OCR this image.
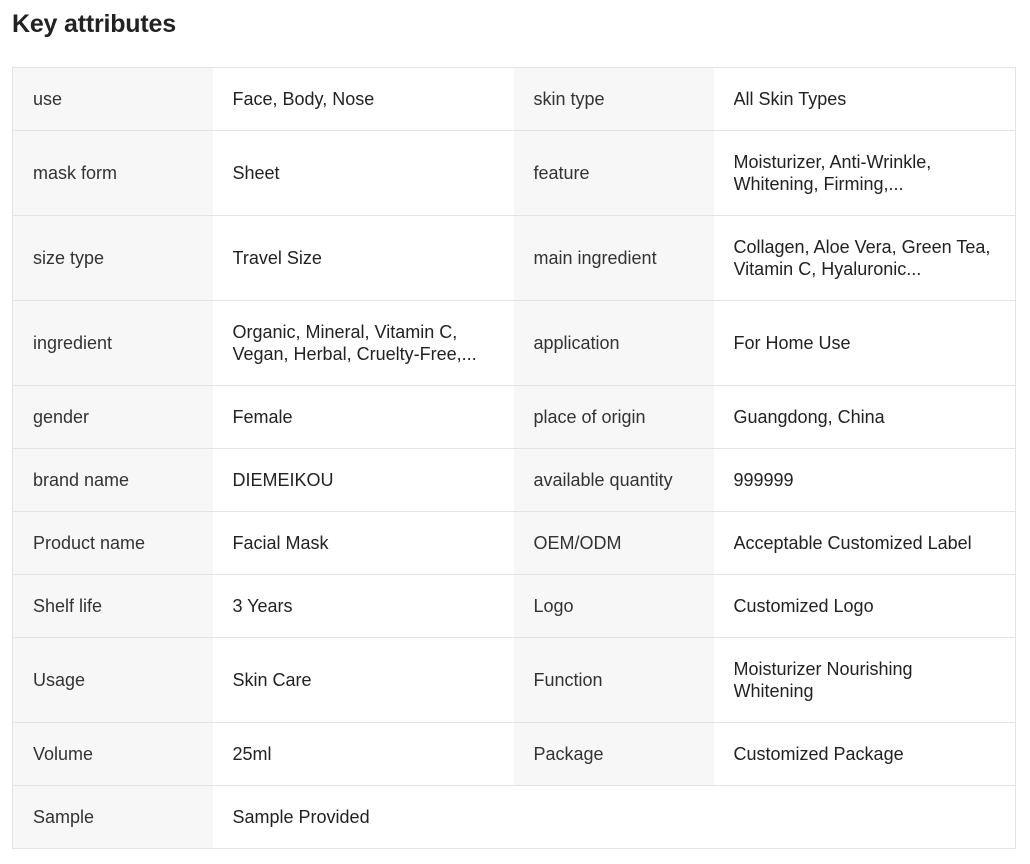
Key attributes
use	Face, Body, Nose	skin type	All Skin Types

mask form	Sheet	feature	Moisturizer, Anti-Wrinkle, Whitening, Firming,...

size type	Travel Size	main ingredient	Collagen, Aloe Vera, Green Tea, Vitamin C, Hyaluronic...

ingredient	Organic, Mineral, Vitamin C, Vegan, Herbal, Cruelty-Free,...	application	For Home Use

gender	Female	place of origin	Guangdong, China

brand name	DIEMEIKOU	available quantity	999999

Product name	Facial Mask	OEM/ODM	Acceptable Customized Label

Shelf life	3 Years	Logo	Customized Logo

Usage	Skin Care	Function	Moisturizer Nourishing Whitening

Volume	25ml	Package	Customized Package

Sample	Sample Provided		
